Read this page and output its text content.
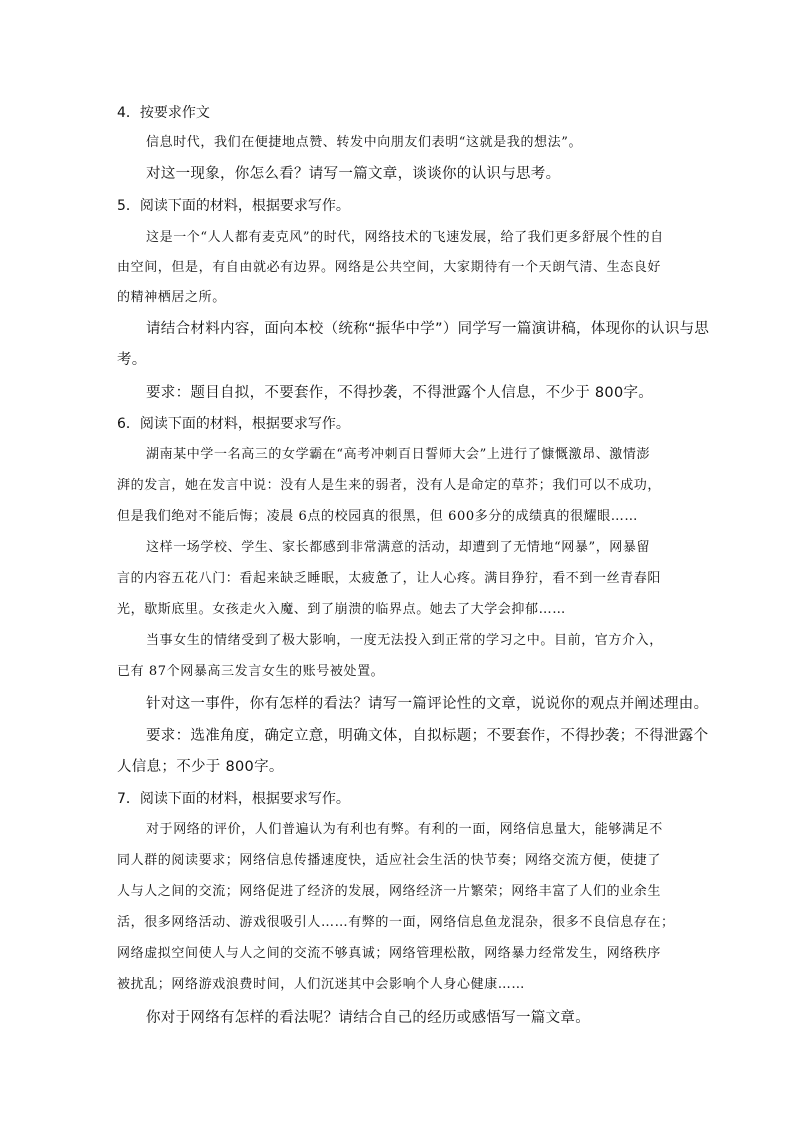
4．按要求作文
信息时代，我们在便捷地点赞、转发中向朋友们表明“这就是我的想法”。
对这一现象，你怎么看？请写一篇文章，谈谈你的认识与思考。
5．阅读下面的材料，根据要求写作。
这是一个“人人都有麦克风”的时代，网络技术的飞速发展，给了我们更多舒展个性的自
由空间，但是，有自由就必有边界。网络是公共空间，大家期待有一个天朗气清、生态良好
的精神栖居之所。
请结合材料内容，面向本校（统称“振华中学”）同学写一篇演讲稿，体现你的认识与思
考。
要求：题目自拟，不要套作，不得抄袭，不得泄露个人信息，不少于 800字。
6．阅读下面的材料，根据要求写作。
湖南某中学一名高三的女学霸在“高考冲刺百日誓师大会”上进行了慷慨激昂、激情澎
湃的发言，她在发言中说：没有人是生来的弱者，没有人是命定的草芥；我们可以不成功，
但是我们绝对不能后悔；凌晨 6点的校园真的很黑，但 600多分的成绩真的很耀眼……
这样一场学校、学生、家长都感到非常满意的活动，却遭到了无情地“网暴”，网暴留
言的内容五花八门：看起来缺乏睡眠，太疲惫了，让人心疼。满目狰狞，看不到一丝青春阳
光，歇斯底里。女孩走火入魔、到了崩溃的临界点。她去了大学会抑郁……
当事女生的情绪受到了极大影响，一度无法投入到正常的学习之中。目前，官方介入，
已有 87个网暴高三发言女生的账号被处置。
针对这一事件，你有怎样的看法？请写一篇评论性的文章，说说你的观点并阐述理由。
要求：选准角度，确定立意，明确文体，自拟标题；不要套作，不得抄袭；不得泄露个
人信息；不少于 800字。
7．阅读下面的材料，根据要求写作。
对于网络的评价，人们普遍认为有利也有弊。有利的一面，网络信息量大，能够满足不
同人群的阅读要求；网络信息传播速度快，适应社会生活的快节奏；网络交流方便，使捷了
人与人之间的交流；网络促进了经济的发展，网络经济一片繁荣；网络丰富了人们的业余生
活，很多网络活动、游戏很吸引人……有弊的一面，网络信息鱼龙混杂，很多不良信息存在；
网络虚拟空间使人与人之间的交流不够真诚；网络管理松散，网络暴力经常发生，网络秩序
被扰乱；网络游戏浪费时间，人们沉迷其中会影响个人身心健康……
你对于网络有怎样的看法呢？请结合自己的经历或感悟写一篇文章。
